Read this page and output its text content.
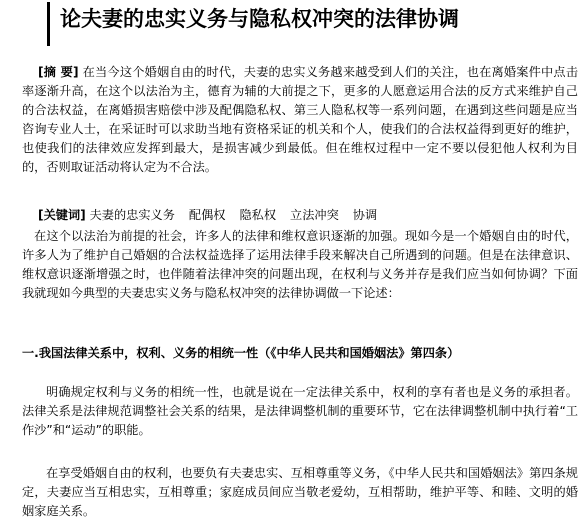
论夫妻的忠实义务与隐私权冲突的法律协调

[摘 要] 在当今这个婚姻自由的时代，夫妻的忠实义务越来越受到人们的关注，也在离婚案件中点击率逐渐升高，在这个以法治为主，德育为辅的大前提之下，更多的人愿意运用合法的反方式来维护自己的合法权益，在离婚损害赔偿中涉及配偶隐私权、第三人隐私权等一系列问题，在遇到这些问题是应当咨询专业人士，在采证时可以求助当地有资格采证的机关和个人，使我们的合法权益得到更好的维护，也使我们的法律效应发挥到最大，是损害减少到最低。但在维权过程中一定不要以侵犯他人权利为目的，否则取证活动将认定为不合法。

[关键词] 夫妻的忠实义务 配偶权 隐私权 立法冲突 协调

在这个以法治为前提的社会，许多人的法律和维权意识逐渐的加强。现如今是一个婚姻自由的时代，许多人为了维护自己婚姻的合法权益选择了运用法律手段来解决自己所遇到的问题。但是在法律意识、维权意识逐渐增强之时，也伴随着法律冲突的问题出现，在权利与义务并存是我们应当如何协调？下面我就现如今典型的夫妻忠实义务与隐私权冲突的法律协调做一下论述：

一.我国法律关系中，权利、义务的相统一性（《中华人民共和国婚姻法》第四条）

明确规定权利与义务的相统一性，也就是说在一定法律关系中，权利的享有者也是义务的承担者。法律关系是法律规范调整社会关系的结果，是法律调整机制的重要环节，它在法律调整机制中执行着“工作沙”和“运动”的职能。

在享受婚姻自由的权利，也要负有夫妻忠实、互相尊重等义务，《中华人民共和国婚姻法》第四条规定，夫妻应当互相忠实，互相尊重；家庭成员间应当敬老爱幼，互相帮助，维护平等、和睦、文明的婚姻家庭关系。
